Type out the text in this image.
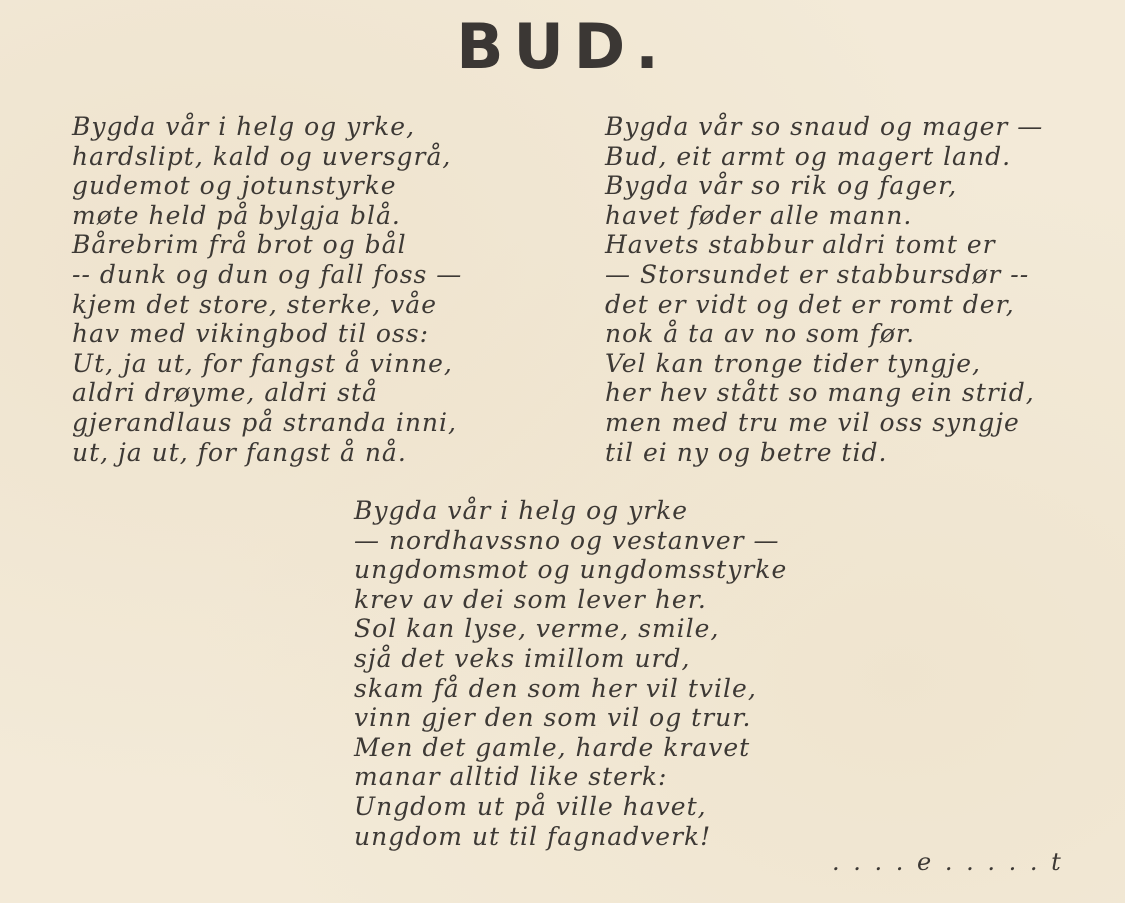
BUD.
Bygda vår i helg og yrke,
hardslipt, kald og uversgrå,
gudemot og jotunstyrke
møte held på bylgja blå.
Bårebrim frå brot og bål
-- dunk og dun og fall foss —
kjem det store, sterke, våe
hav med vikingbod til oss:
Ut, ja ut, for fangst å vinne,
aldri drøyme, aldri stå
gjerandlaus på stranda inni,
ut, ja ut, for fangst å nå.
Bygda vår so snaud og mager —
Bud, eit armt og magert land.
Bygda vår so rik og fager,
havet føder alle mann.
Havets stabbur aldri tomt er
— Storsundet er stabbursdør --
det er vidt og det er romt der,
nok å ta av no som før.
Vel kan tronge tider tyngje,
her hev stått so mang ein strid,
men med tru me vil oss syngje
til ei ny og betre tid.
Bygda vår i helg og yrke
— nordhavssno og vestanver —
ungdomsmot og ungdomsstyrke
krev av dei som lever her.
Sol kan lyse, verme, smile,
sjå det veks imillom urd,
skam få den som her vil tvile,
vinn gjer den som vil og trur.
Men det gamle, harde kravet
manar alltid like sterk:
Ungdom ut på ville havet,
ungdom ut til fagnadverk!
. . . . e . . . . . t
